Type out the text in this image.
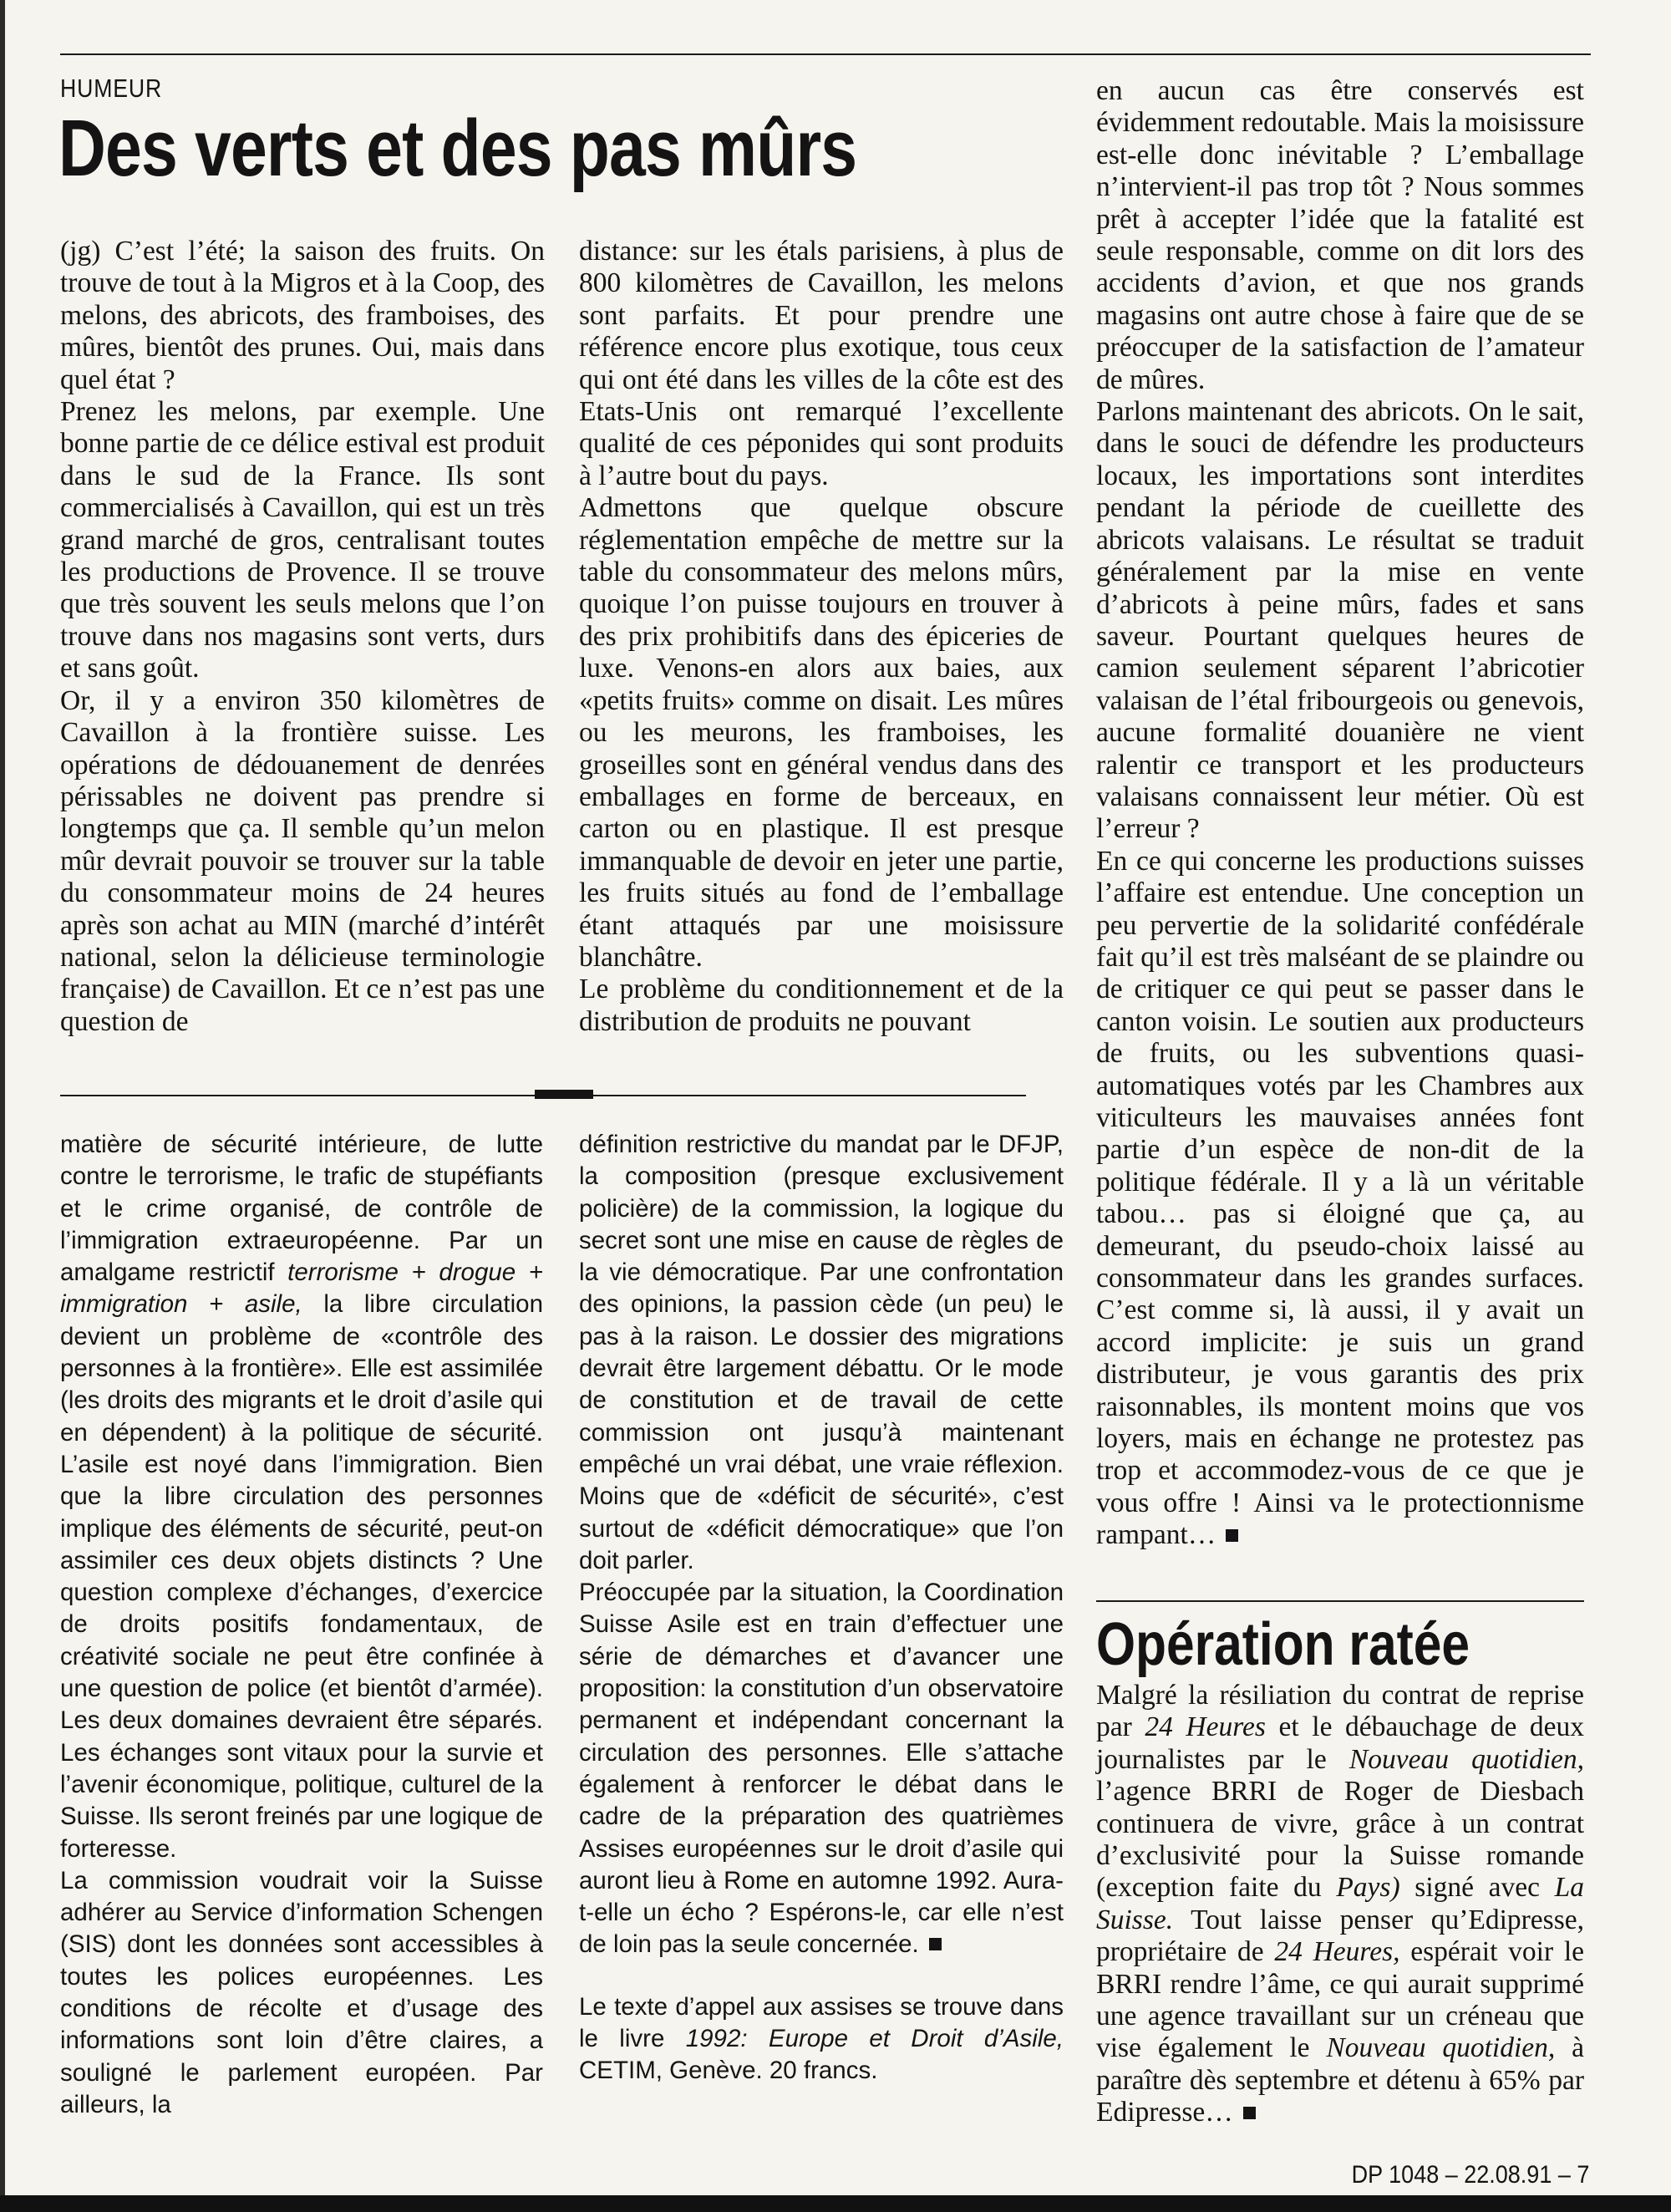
HUMEUR
Des verts et des pas mûrs

(jg) C’est l’été; la saison des fruits. On trouve de tout à la Migros et à la Coop, des melons, des abricots, des framboises, des mûres, bientôt des prunes. Oui, mais dans quel état ?

Prenez les melons, par exemple. Une bonne partie de ce délice estival est produit dans le sud de la France. Ils sont commercialisés à Cavaillon, qui est un très grand marché de gros, centralisant toutes les productions de Provence. Il se trouve que très souvent les seuls melons que l’on trouve dans nos magasins sont verts, durs et sans goût.

Or, il y a environ 350 kilomètres de Cavaillon à la frontière suisse. Les opérations de dédouanement de denrées périssables ne doivent pas prendre si longtemps que ça. Il semble qu’un melon mûr devrait pouvoir se trouver sur la table du consommateur moins de 24 heures après son achat au MIN (marché d’intérêt national, selon la délicieuse terminologie française) de Cavaillon. Et ce n’est pas une question de

distance: sur les étals parisiens, à plus de 800 kilomètres de Cavaillon, les melons sont parfaits. Et pour prendre une référence encore plus exotique, tous ceux qui ont été dans les villes de la côte est des Etats-Unis ont remarqué l’excellente qualité de ces péponides qui sont produits à l’autre bout du pays.

Admettons que quelque obscure réglementation empêche de mettre sur la table du consommateur des melons mûrs, quoique l’on puisse toujours en trouver à des prix prohibitifs dans des épiceries de luxe. Venons-en alors aux baies, aux «petits fruits» comme on disait. Les mûres ou les meurons, les framboises, les groseilles sont en général vendus dans des emballages en forme de berceaux, en carton ou en plastique. Il est presque immanquable de devoir en jeter une partie, les fruits situés au fond de l’emballage étant attaqués par une moisissure blanchâtre.

Le problème du conditionnement et de la distribution de produits ne pouvant

en aucun cas être conservés est évidemment redoutable. Mais la moisissure est-elle donc inévitable ? L’emballage n’intervient-il pas trop tôt ? Nous sommes prêt à accepter l’idée que la fatalité est seule responsable, comme on dit lors des accidents d’avion, et que nos grands magasins ont autre chose à faire que de se préoccuper de la satisfaction de l’amateur de mûres.

Parlons maintenant des abricots. On le sait, dans le souci de défendre les producteurs locaux, les importations sont interdites pendant la période de cueillette des abricots valaisans. Le résultat se traduit généralement par la mise en vente d’abricots à peine mûrs, fades et sans saveur. Pourtant quelques heures de camion seulement séparent l’abricotier valaisan de l’étal fribourgeois ou genevois, aucune formalité douanière ne vient ralentir ce transport et les producteurs valaisans connaissent leur métier. Où est l’erreur ?

En ce qui concerne les productions suisses l’affaire est entendue. Une conception un peu pervertie de la solidarité confédérale fait qu’il est très malséant de se plaindre ou de critiquer ce qui peut se passer dans le canton voisin. Le soutien aux producteurs de fruits, ou les subventions quasi-automatiques votés par les Chambres aux viticulteurs les mauvaises années font partie d’un espèce de non-dit de la politique fédérale. Il y a là un véritable tabou… pas si éloigné que ça, au demeurant, du pseudo-choix laissé au consommateur dans les grandes surfaces. C’est comme si, là aussi, il y avait un accord implicite: je suis un grand distributeur, je vous garantis des prix raisonnables, ils montent moins que vos loyers, mais en échange ne protestez pas trop et accommodez-vous de ce que je vous offre ! Ainsi va le protectionnisme rampant…

matière de sécurité intérieure, de lutte contre le terrorisme, le trafic de stupéfiants et le crime organisé, de contrôle de l’immigration extraeuropéenne. Par un amalgame restrictif terrorisme + drogue + immigration + asile, la libre circulation devient un problème de «contrôle des personnes à la frontière». Elle est assimilée (les droits des migrants et le droit d’asile qui en dépendent) à la politique de sécurité. L’asile est noyé dans l’immigration. Bien que la libre circulation des personnes implique des éléments de sécurité, peut-on assimiler ces deux objets distincts ? Une question complexe d’échanges, d’exercice de droits positifs fondamentaux, de créativité sociale ne peut être confinée à une question de police (et bientôt d’armée). Les deux domaines devraient être séparés. Les échanges sont vitaux pour la survie et l’avenir économique, politique, culturel de la Suisse. Ils seront freinés par une logique de forteresse.

La commission voudrait voir la Suisse adhérer au Service d’information Schengen (SIS) dont les données sont accessibles à toutes les polices européennes. Les conditions de récolte et d’usage des informations sont loin d’être claires, a souligné le parlement européen. Par ailleurs, la

définition restrictive du mandat par le DFJP, la composition (presque exclusivement policière) de la commission, la logique du secret sont une mise en cause de règles de la vie démocratique. Par une confrontation des opinions, la passion cède (un peu) le pas à la raison. Le dossier des migrations devrait être largement débattu. Or le mode de constitution et de travail de cette commission ont jusqu’à maintenant empêché un vrai débat, une vraie réflexion. Moins que de «déficit de sécurité», c’est surtout de «déficit démocratique» que l’on doit parler.

Préoccupée par la situation, la Coordination Suisse Asile est en train d’effectuer une série de démarches et d’avancer une proposition: la constitution d’un observatoire permanent et indépendant concernant la circulation des personnes. Elle s’attache également à renforcer le débat dans le cadre de la préparation des quatrièmes Assises européennes sur le droit d’asile qui auront lieu à Rome en automne 1992. Aura-t-elle un écho ? Espérons-le, car elle n’est de loin pas la seule concernée.

Le texte d’appel aux assises se trouve dans le livre 1992: Europe et Droit d’Asile, CETIM, Genève. 20 francs.

Opération ratée

Malgré la résiliation du contrat de reprise par 24 Heures et le débauchage de deux journalistes par le Nouveau quotidien, l’agence BRRI de Roger de Diesbach continuera de vivre, grâce à un contrat d’exclusivité pour la Suisse romande (exception faite du Pays) signé avec La Suisse. Tout laisse penser qu’Edipresse, propriétaire de 24 Heures, espérait voir le BRRI rendre l’âme, ce qui aurait supprimé une agence travaillant sur un créneau que vise également le Nouveau quotidien, à paraître dès septembre et détenu à 65% par Edipresse…

DP 1048 – 22.08.91 – 7
